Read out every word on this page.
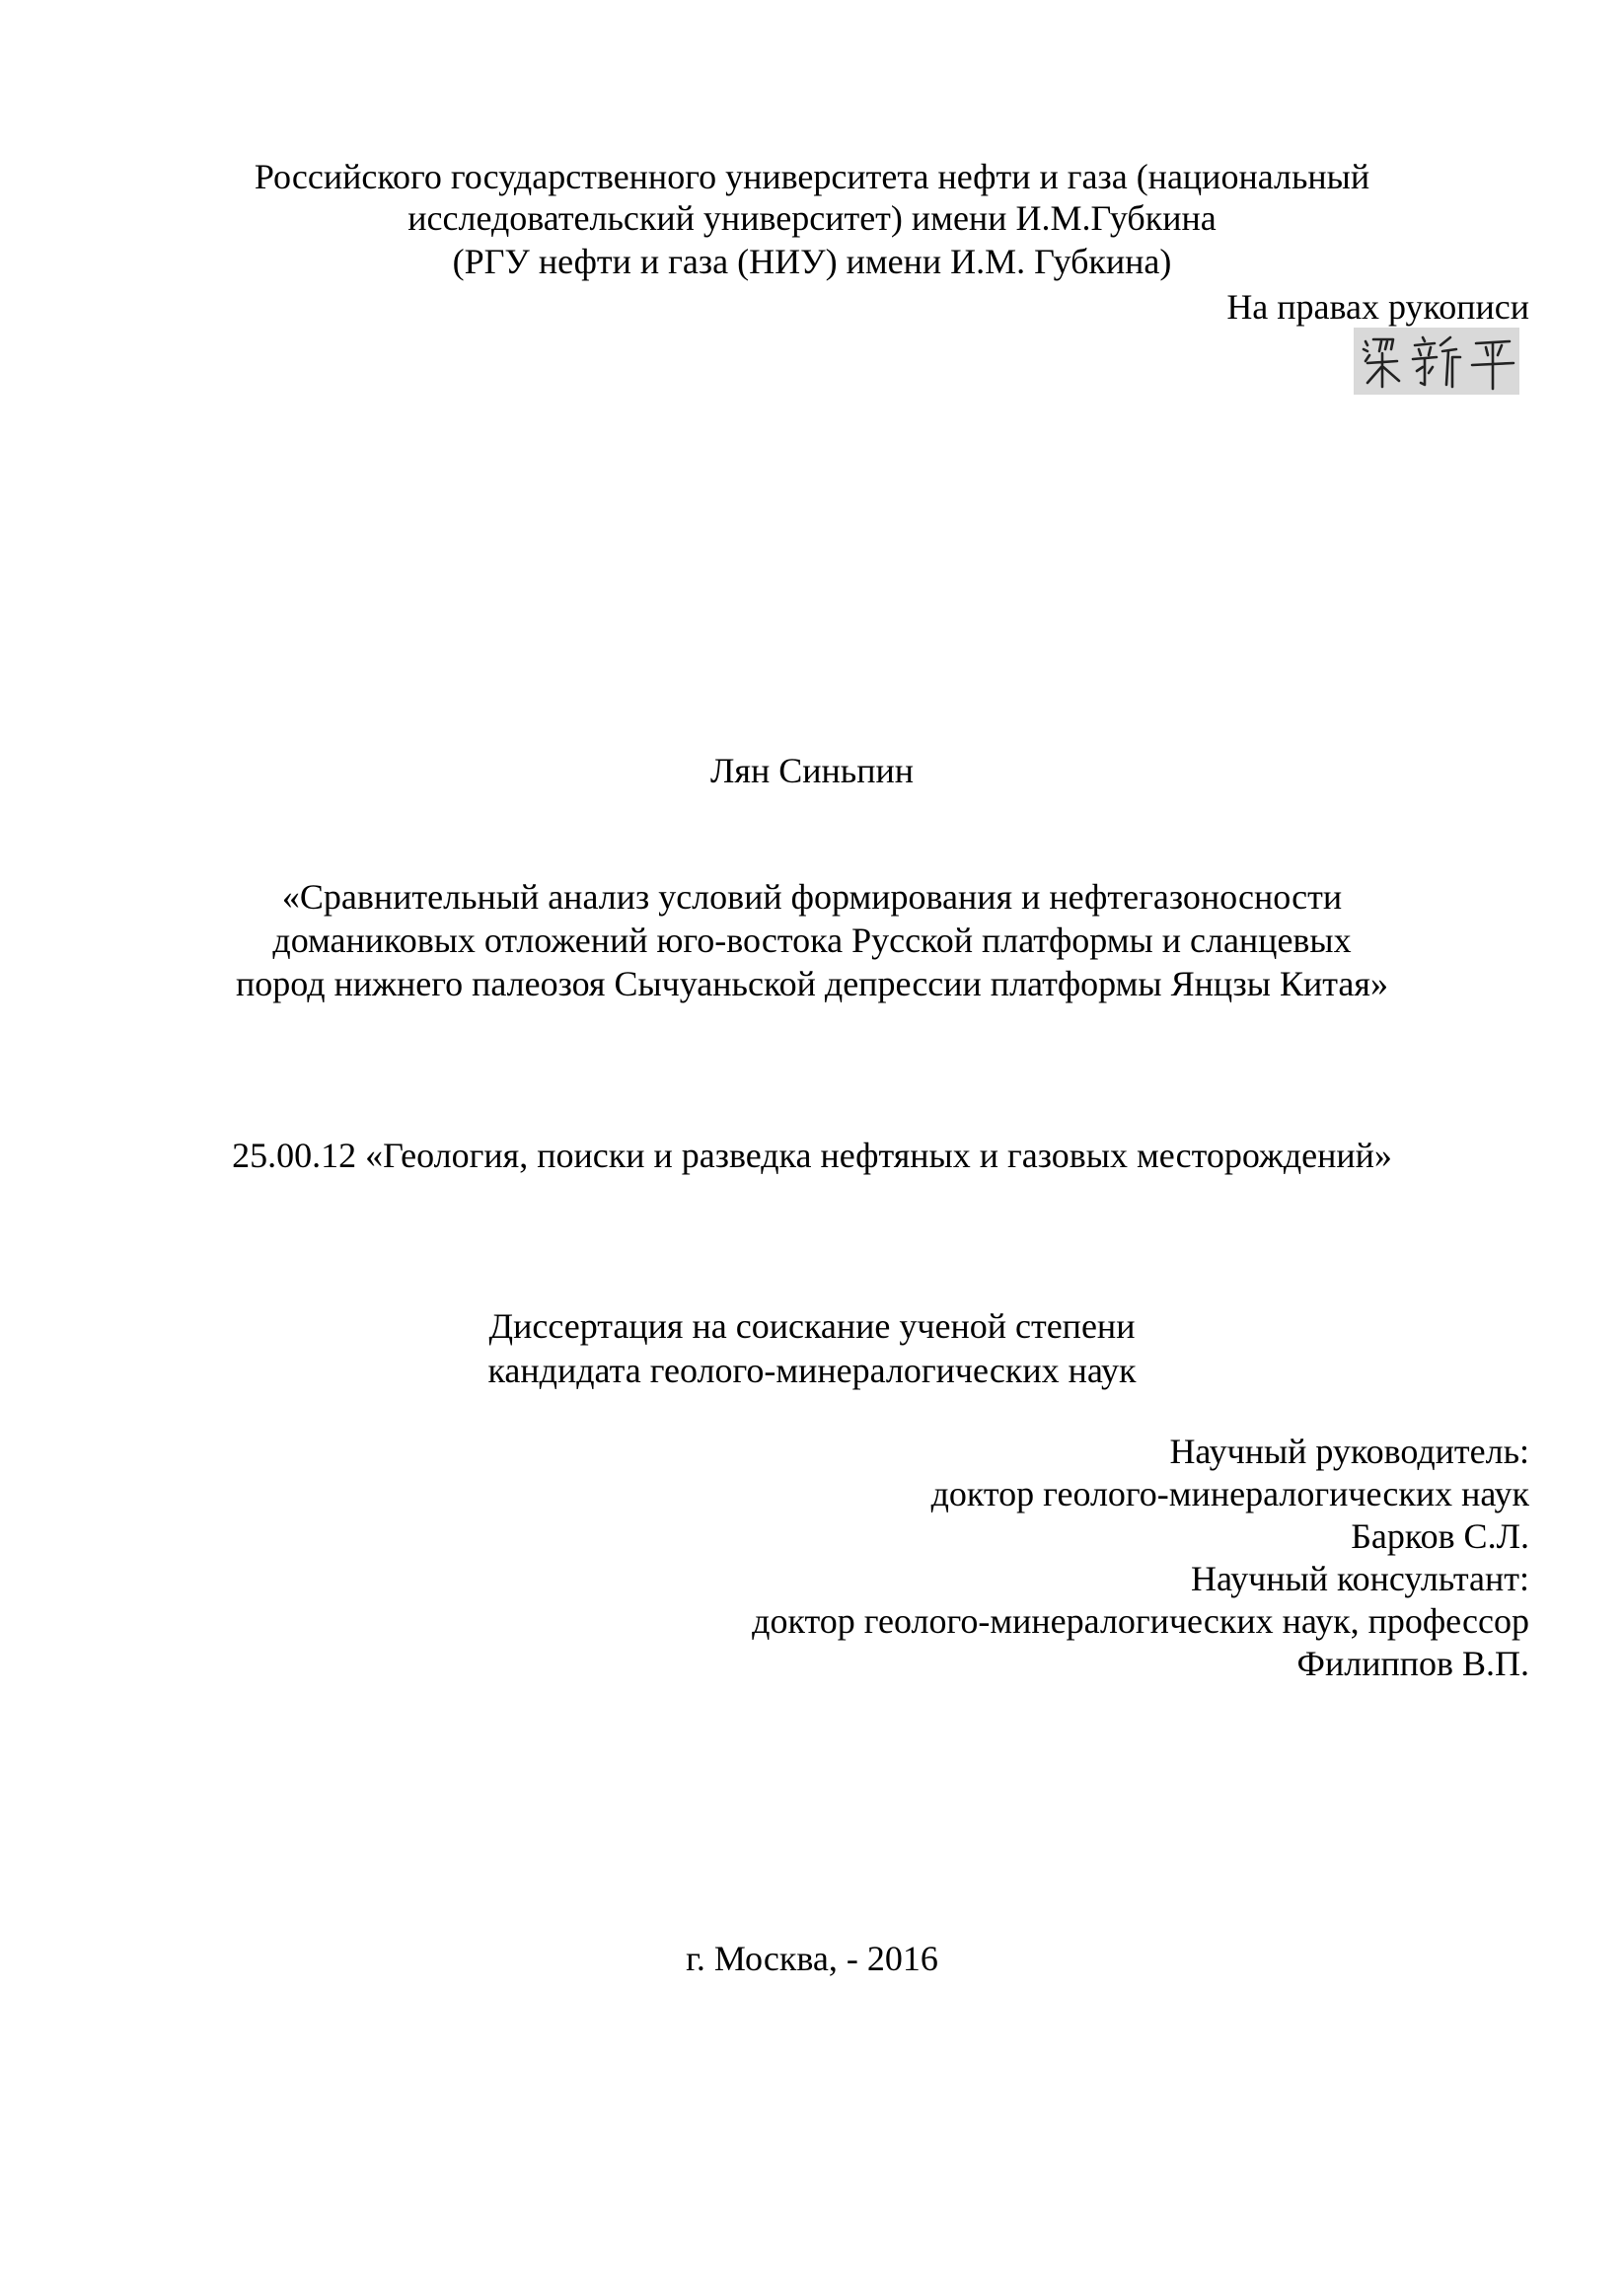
Российского государственного университета нефти и газа (национальный
исследовательский университет) имени И.М.Губкина
(РГУ нефти и газа (НИУ) имени И.М. Губкина)
На правах рукописи
Лян Синьпин
«Сравнительный анализ условий формирования и нефтегазоносности
доманиковых отложений юго-востока Русской платформы и сланцевых
пород нижнего палеозоя Сычуаньской депрессии платформы Янцзы Китая»
25.00.12 «Геология, поиски и разведка нефтяных и газовых месторождений»
Диссертация на соискание ученой степени
кандидата геолого-минералогических наук
Научный руководитель:
доктор геолого-минералогических наук
Барков С.Л.
Научный консультант:
доктор геолого-минералогических наук, профессор
Филиппов В.П.
г. Москва, - 2016
